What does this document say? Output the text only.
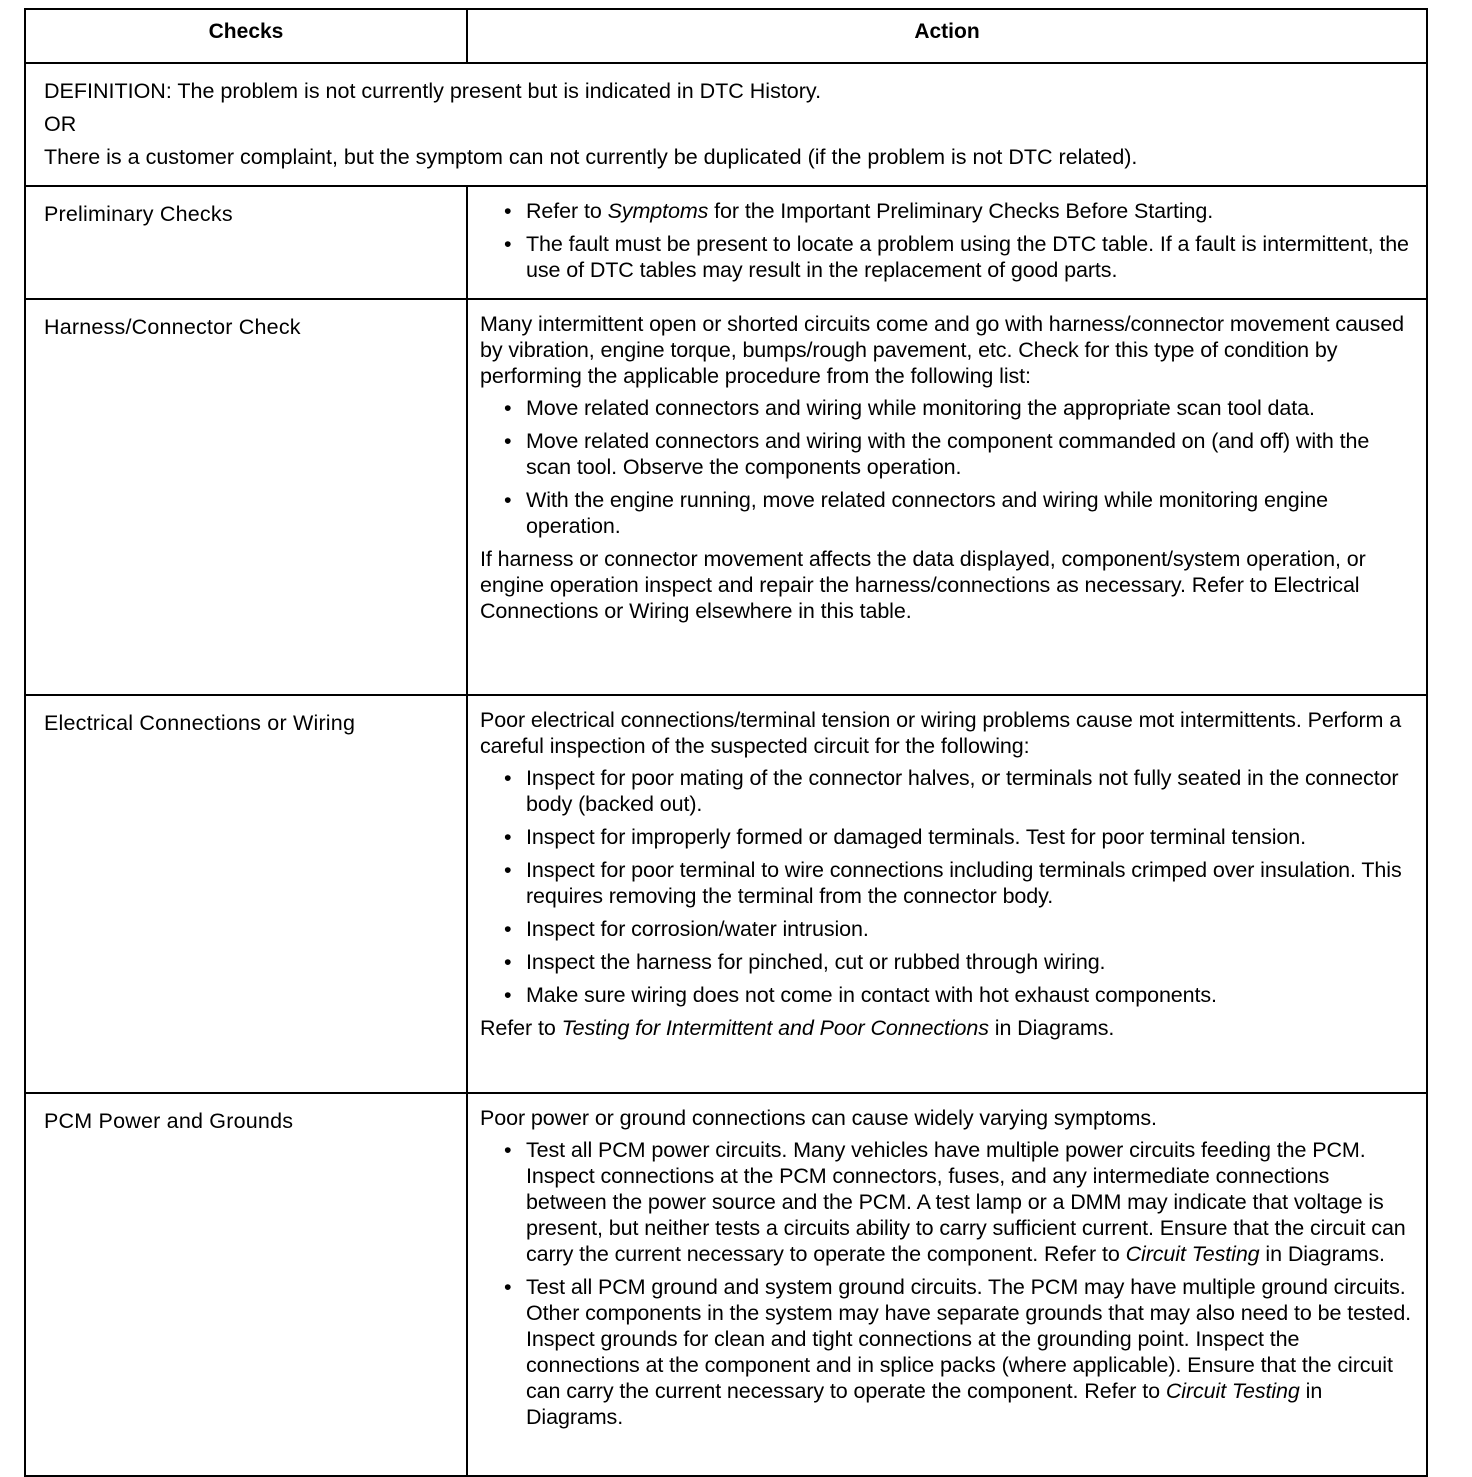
Checks	Action

DEFINITION: The problem is not currently present but is indicated in DTC History.

OR

There is a customer complaint, but the symptom can not currently be duplicated (if the problem is not DTC related).	

Preliminary Checks	• Refer to Symptoms for the Important Preliminary Checks Before Starting.
• The fault must be present to locate a problem using the DTC table. If a fault is intermittent, the use of DTC tables may result in the replacement of good parts.

Harness/Connector Check	Many intermittent open or shorted circuits come and go with harness/connector movement caused by vibration, engine torque, bumps/rough pavement, etc. Check for this type of condition by performing the applicable procedure from the following list:

• Move related connectors and wiring while monitoring the appropriate scan tool data.
• Move related connectors and wiring with the component commanded on (and off) with the scan tool. Observe the components operation.
• With the engine running, move related connectors and wiring while monitoring engine operation.

If harness or connector movement affects the data displayed, component/system operation, or engine operation inspect and repair the harness/connections as necessary. Refer to Electrical Connections or Wiring elsewhere in this table.

Electrical Connections or Wiring	Poor electrical connections/terminal tension or wiring problems cause mot intermittents. Perform a careful inspection of the suspected circuit for the following:

• Inspect for poor mating of the connector halves, or terminals not fully seated in the connector body (backed out).
• Inspect for improperly formed or damaged terminals. Test for poor terminal tension.
• Inspect for poor terminal to wire connections including terminals crimped over insulation. This requires removing the terminal from the connector body.
• Inspect for corrosion/water intrusion.
• Inspect the harness for pinched, cut or rubbed through wiring.
• Make sure wiring does not come in contact with hot exhaust components.

Refer to Testing for Intermittent and Poor Connections in Diagrams.

PCM Power and Grounds	Poor power or ground connections can cause widely varying symptoms.

• Test all PCM power circuits. Many vehicles have multiple power circuits feeding the PCM. Inspect connections at the PCM connectors, fuses, and any intermediate connections between the power source and the PCM. A test lamp or a DMM may indicate that voltage is present, but neither tests a circuits ability to carry sufficient current. Ensure that the circuit can carry the current necessary to operate the component. Refer to Circuit Testing in Diagrams.
• Test all PCM ground and system ground circuits. The PCM may have multiple ground circuits. Other components in the system may have separate grounds that may also need to be tested. Inspect grounds for clean and tight connections at the grounding point. Inspect the connections at the component and in splice packs (where applicable). Ensure that the circuit can carry the current necessary to operate the component. Refer to Circuit Testing in Diagrams.
